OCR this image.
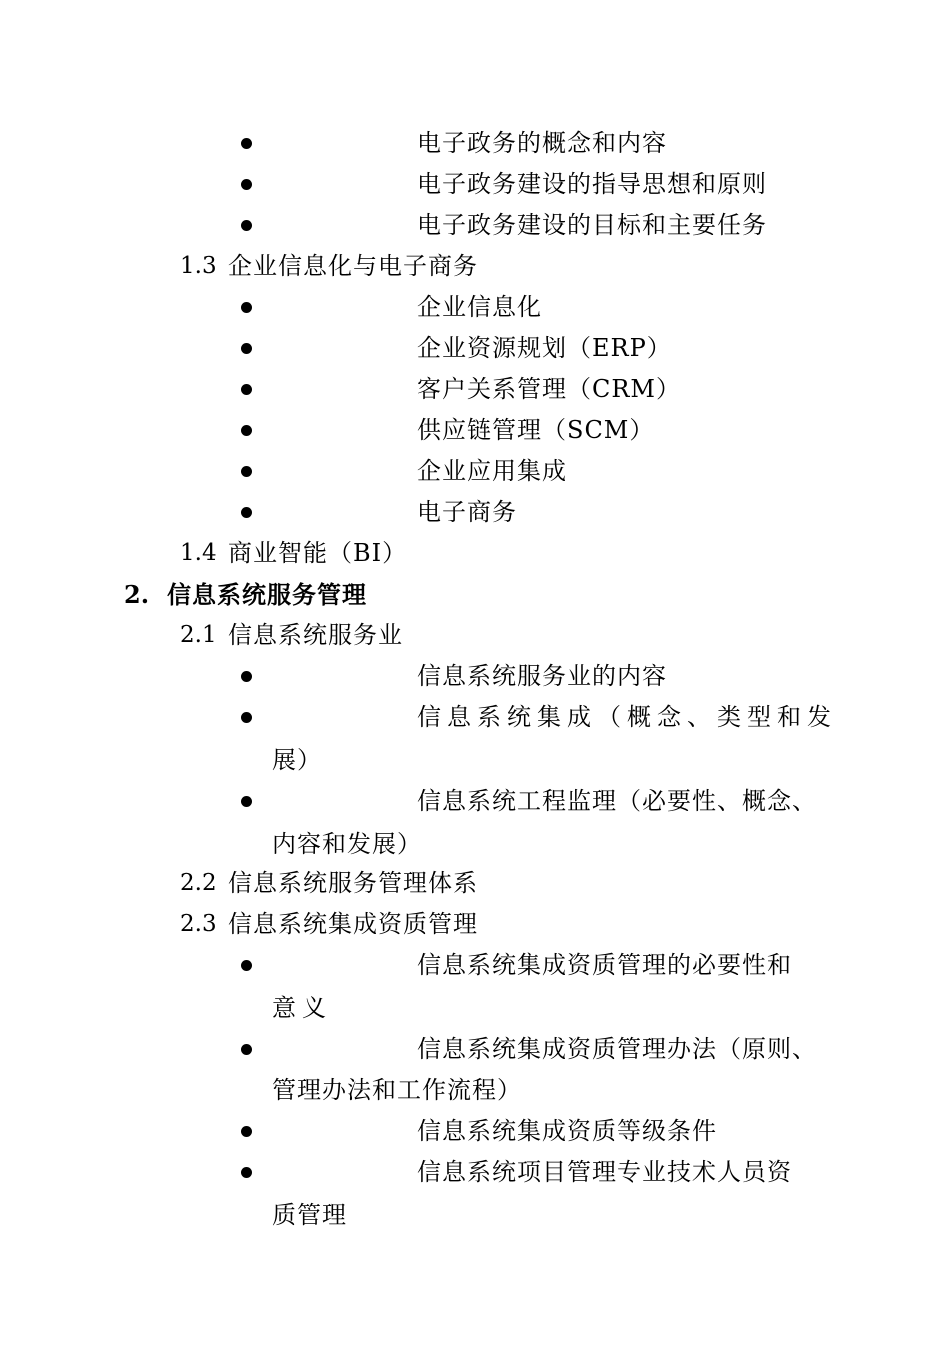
电子政务的概念和内容
电子政务建设的指导思想和原则
电子政务建设的目标和主要任务
1.3 企业信息化与电子商务
企业信息化
企业资源规划（ERP）
客户关系管理（CRM）
供应链管理（SCM）
企业应用集成
电子商务
1.4 商业智能（BI）
2. 信息系统服务管理
2.1 信息系统服务业
信息系统服务业的内容
信息系统集成（概念、类型和发
展）
信息系统工程监理（必要性、概念、
内容和发展）
2.2 信息系统服务管理体系
2.3 信息系统集成资质管理
信息系统集成资质管理的必要性和
意义
信息系统集成资质管理办法（原则、
管理办法和工作流程）
信息系统集成资质等级条件
信息系统项目管理专业技术人员资
质管理
